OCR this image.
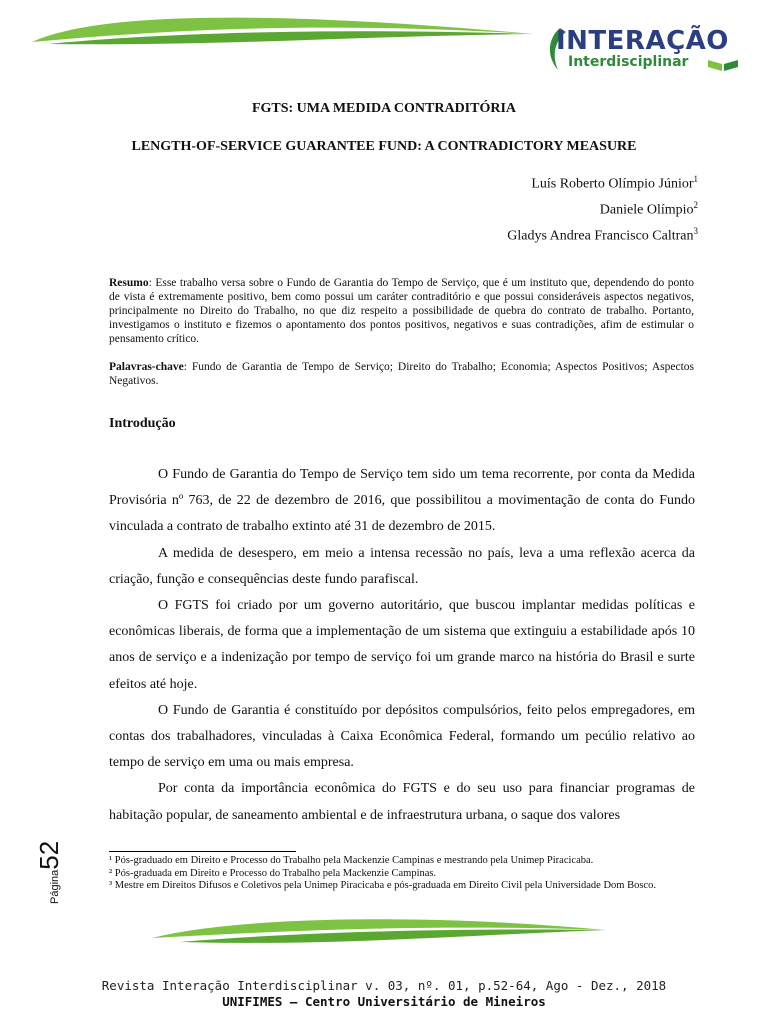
INTERAÇÃO
Interdisciplinar
FGTS: UMA MEDIDA CONTRADITÓRIA
LENGTH-OF-SERVICE GUARANTEE FUND: A CONTRADICTORY MEASURE
Luís Roberto Olímpio Júnior$^1$
Daniele Olímpio$^2$
Gladys Andrea Francisco Caltran$^3$
Resumo: Esse trabalho versa sobre o Fundo de Garantia do Tempo de Serviço, que é um instituto que, dependendo do ponto de vista é extremamente positivo, bem como possui um caráter contraditório e que possui consideráveis aspectos negativos, principalmente no Direito do Trabalho, no que diz respeito a possibilidade de quebra do contrato de trabalho. Portanto, investigamos o instituto e fizemos o apontamento dos pontos positivos, negativos e suas contradições, afim de estimular o pensamento crítico.
Palavras-chave: Fundo de Garantia de Tempo de Serviço; Direito do Trabalho; Economia; Aspectos Positivos; Aspectos Negativos.
Introdução

O Fundo de Garantia do Tempo de Serviço tem sido um tema recorrente, por conta da Medida Provisória nº 763, de 22 de dezembro de 2016, que possibilitou a movimentação de conta do Fundo vinculada a contrato de trabalho extinto até 31 de dezembro de 2015.

A medida de desespero, em meio a intensa recessão no país, leva a uma reflexão acerca da criação, função e consequências deste fundo parafiscal.

O FGTS foi criado por um governo autoritário, que buscou implantar medidas políticas e econômicas liberais, de forma que a implementação de um sistema que extinguiu a estabilidade após 10 anos de serviço e a indenização por tempo de serviço foi um grande marco na história do Brasil e surte efeitos até hoje.

O Fundo de Garantia é constituído por depósitos compulsórios, feito pelos empregadores, em contas dos trabalhadores, vinculadas à Caixa Econômica Federal, formando um pecúlio relativo ao tempo de serviço em uma ou mais empresa.

Por conta da importância econômica do FGTS e do seu uso para financiar programas de habitação popular, de saneamento ambiental e de infraestrutura urbana, o saque dos valores

¹ Pós-graduado em Direito e Processo do Trabalho pela Mackenzie Campinas e mestrando pela Unimep Piracicaba.
² Pós-graduada em Direito e Processo do Trabalho pela Mackenzie Campinas.
³ Mestre em Direitos Difusos e Coletivos pela Unimep Piracicaba e pós-graduada em Direito Civil pela Universidade Dom Bosco.
Página52
Revista Interação Interdisciplinar v. 03, nº. 01, p.52-64, Ago - Dez., 2018
UNIFIMES – Centro Universitário de Mineiros
